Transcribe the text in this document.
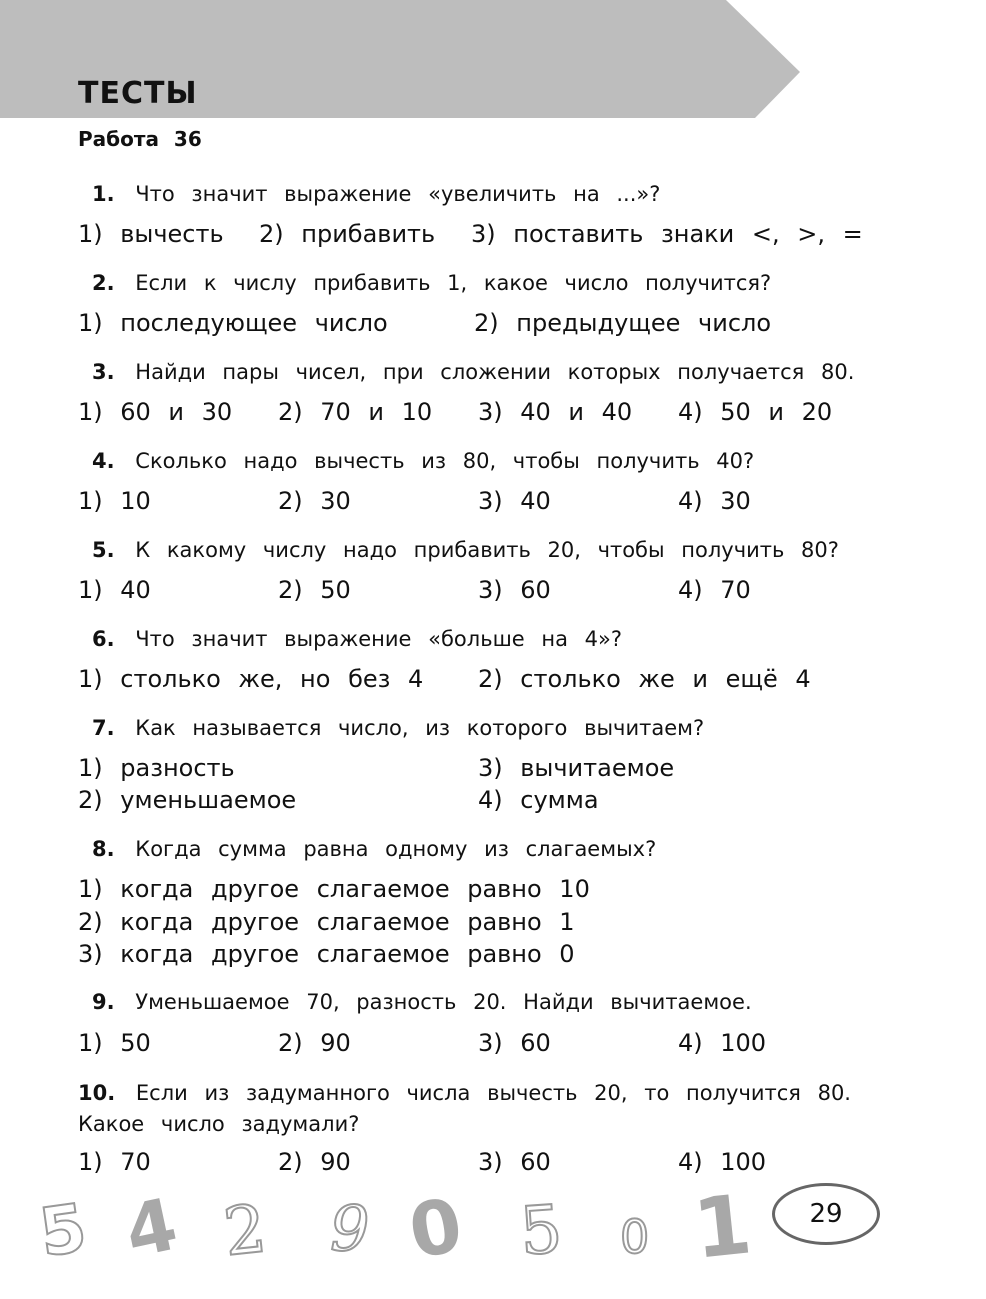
ТЕСТЫ
Работа 36
1. Что значит выражение «увеличить на ...»?
1) вычесть 2) прибавить 3) поставить знаки <, >, =
2. Если к числу прибавить 1, какое число получится?
1) последующее число	2) предыдущее число
3. Найди пары чисел, при сложении которых получается 80.
1) 60 и 30 2) 70 и 10 3) 40 и 40 4) 50 и 20
4. Сколько надо вычесть из 80, чтобы получить 40?
1) 10	2) 30	3) 40	4) 30
5. К какому числу надо прибавить 20, чтобы получить 80?
1) 40	2) 50	3) 60	4) 70
6. Что значит выражение «больше на 4»?
1) столько же, но без 4 2) столько же и ещё 4
7. Как называется число, из которого вычитаем?
1) разность	3) вычитаемое
2) уменьшаемое	4) сумма
8. Когда сумма равна одному из слагаемых?
1) когда другое слагаемое равно 10
2) когда другое слагаемое равно 1
3) когда другое слагаемое равно 0
9. Уменьшаемое 70, разность 20. Найди вычитаемое.
1) 50	2) 90	3) 60	4) 100
10. Если из задуманного числа вычесть 20, то получится 80. Какое число задумали?
1) 70	2) 90	3) 60	4) 100
5 4 2 9 0 5 0 1	29
